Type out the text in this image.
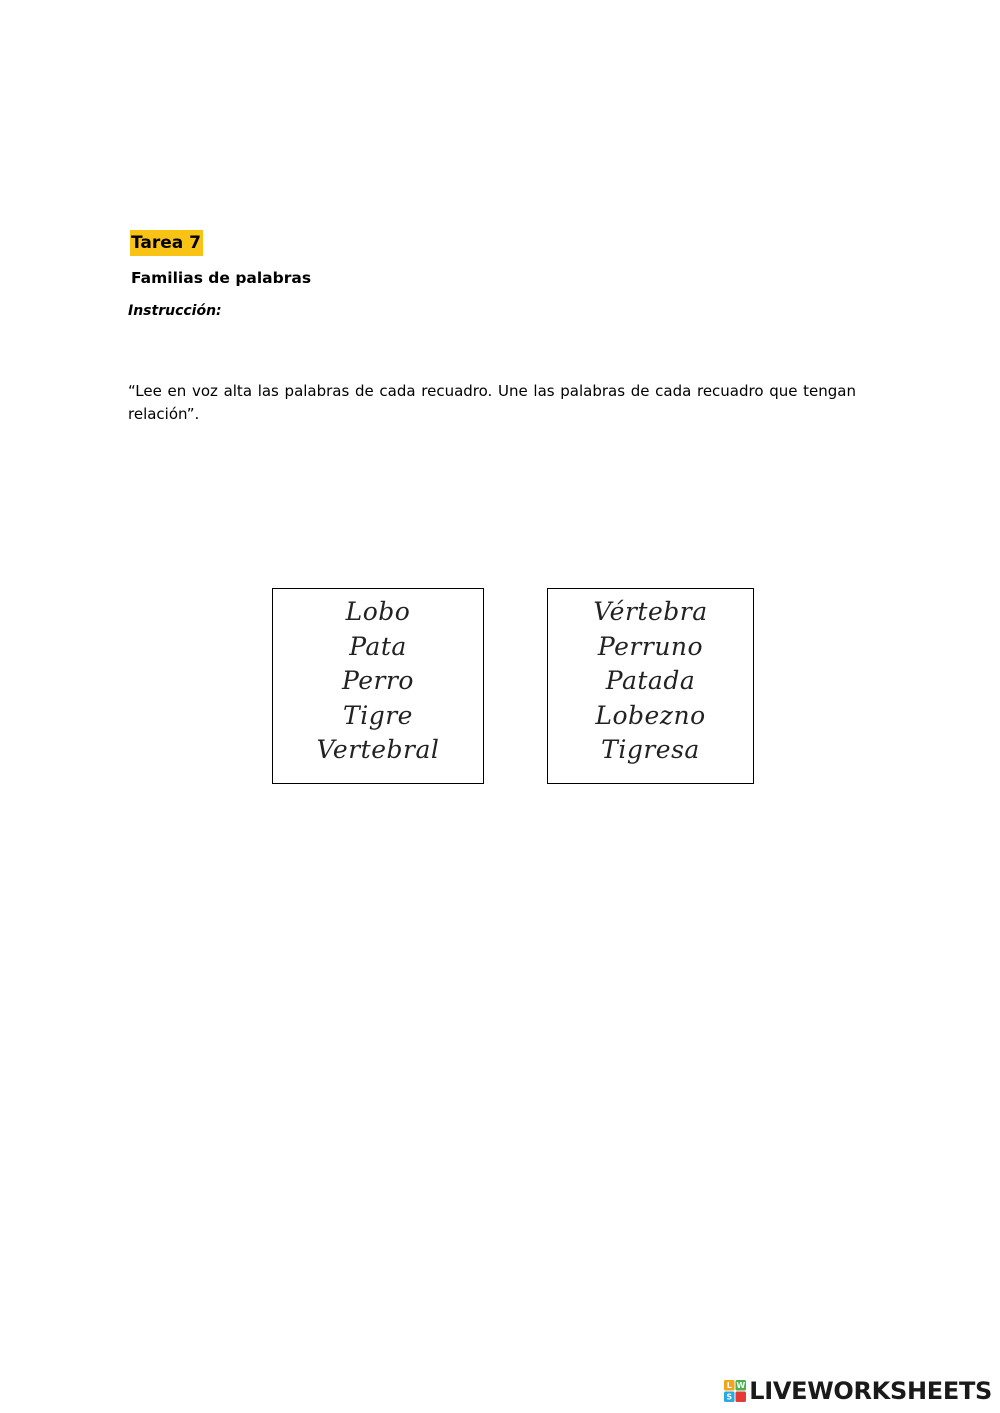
Tarea 7
Familias de palabras
Instrucción:

“Lee en voz alta las palabras de cada recuadro. Une las palabras de cada recuadro que tengan relación”.

Lobo
Pata
Perro
Tigre
Vertebral
Vértebra
Perruno
Patada
Lobezno
Tigresa
L W
S LIVEWORKSHEETS
